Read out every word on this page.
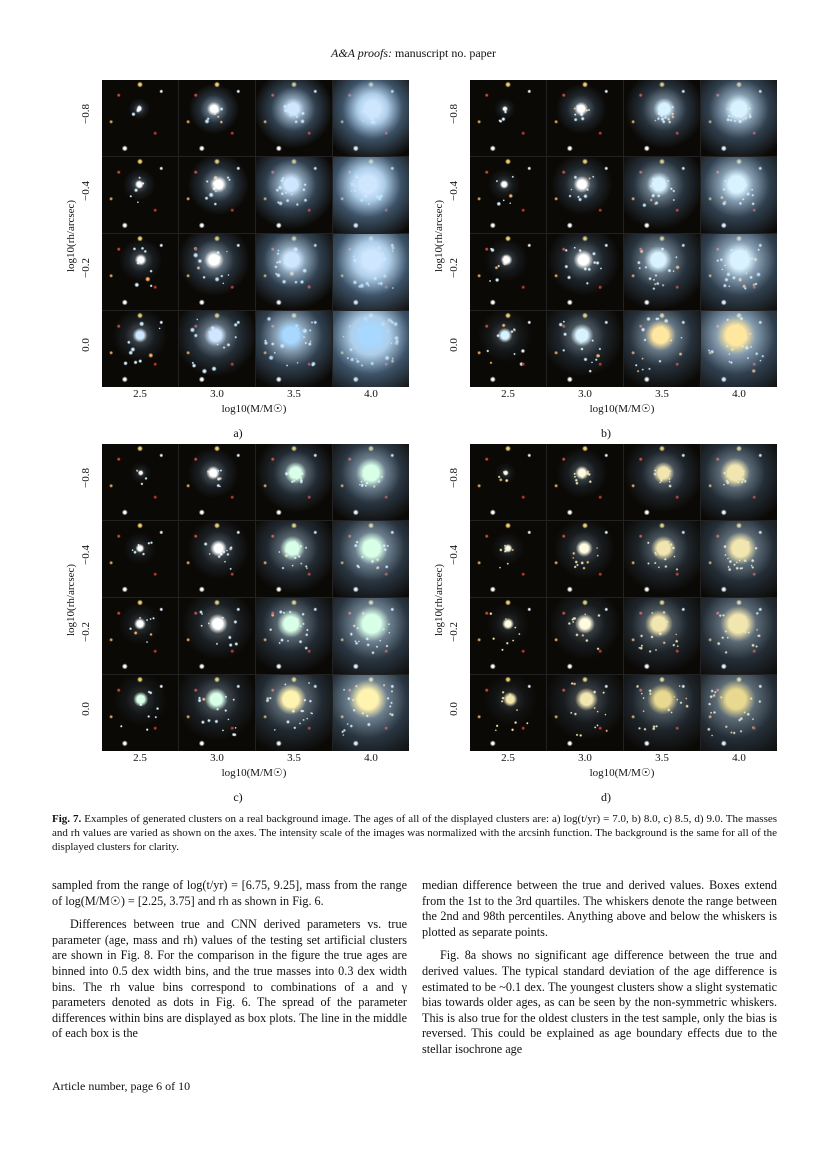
A&A proofs: manuscript no. paper
log10(rh/arcsec)
−0.8
−0.4
−0.2
0.0
2.5	3.0	3.5	4.0
log10(M/M☉)
a)
log10(rh/arcsec)
−0.8
−0.4
−0.2
0.0
2.5	3.0	3.5	4.0
log10(M/M☉)
b)
log10(rh/arcsec)
−0.8
−0.4
−0.2
0.0
2.5	3.0	3.5	4.0
log10(M/M☉)
c)
log10(rh/arcsec)
−0.8
−0.4
−0.2
0.0
2.5	3.0	3.5	4.0
log10(M/M☉)
d)
Fig. 7. Examples of generated clusters on a real background image. The ages of all of the displayed clusters are: a) log(t/yr) = 7.0, b) 8.0, c) 8.5, d) 9.0. The masses and rh values are varied as shown on the axes. The intensity scale of the images was normalized with the arcsinh function. The background is the same for all of the displayed clusters for clarity.

sampled from the range of log(t/yr) = [6.75, 9.25], mass from the range of log(M/M☉) = [2.25, 3.75] and rh as shown in Fig. 6.

Differences between true and CNN derived parameters vs. true parameter (age, mass and rh) values of the testing set artificial clusters are shown in Fig. 8. For the comparison in the figure the true ages are binned into 0.5 dex width bins, and the true masses into 0.3 dex width bins. The rh value bins correspond to combinations of a and γ parameters denoted as dots in Fig. 6. The spread of the parameter differences within bins are displayed as box plots. The line in the middle of each box is the

median difference between the true and derived values. Boxes extend from the 1st to the 3rd quartiles. The whiskers denote the range between the 2nd and 98th percentiles. Anything above and below the whiskers is plotted as separate points.

Fig. 8a shows no significant age difference between the true and derived values. The typical standard deviation of the age difference is estimated to be ~0.1 dex. The youngest clusters show a slight systematic bias towards older ages, as can be seen by the non-symmetric whiskers. This is also true for the oldest clusters in the test sample, only the bias is reversed. This could be explained as age boundary effects due to the stellar isochrone age

Article number, page 6 of 10
